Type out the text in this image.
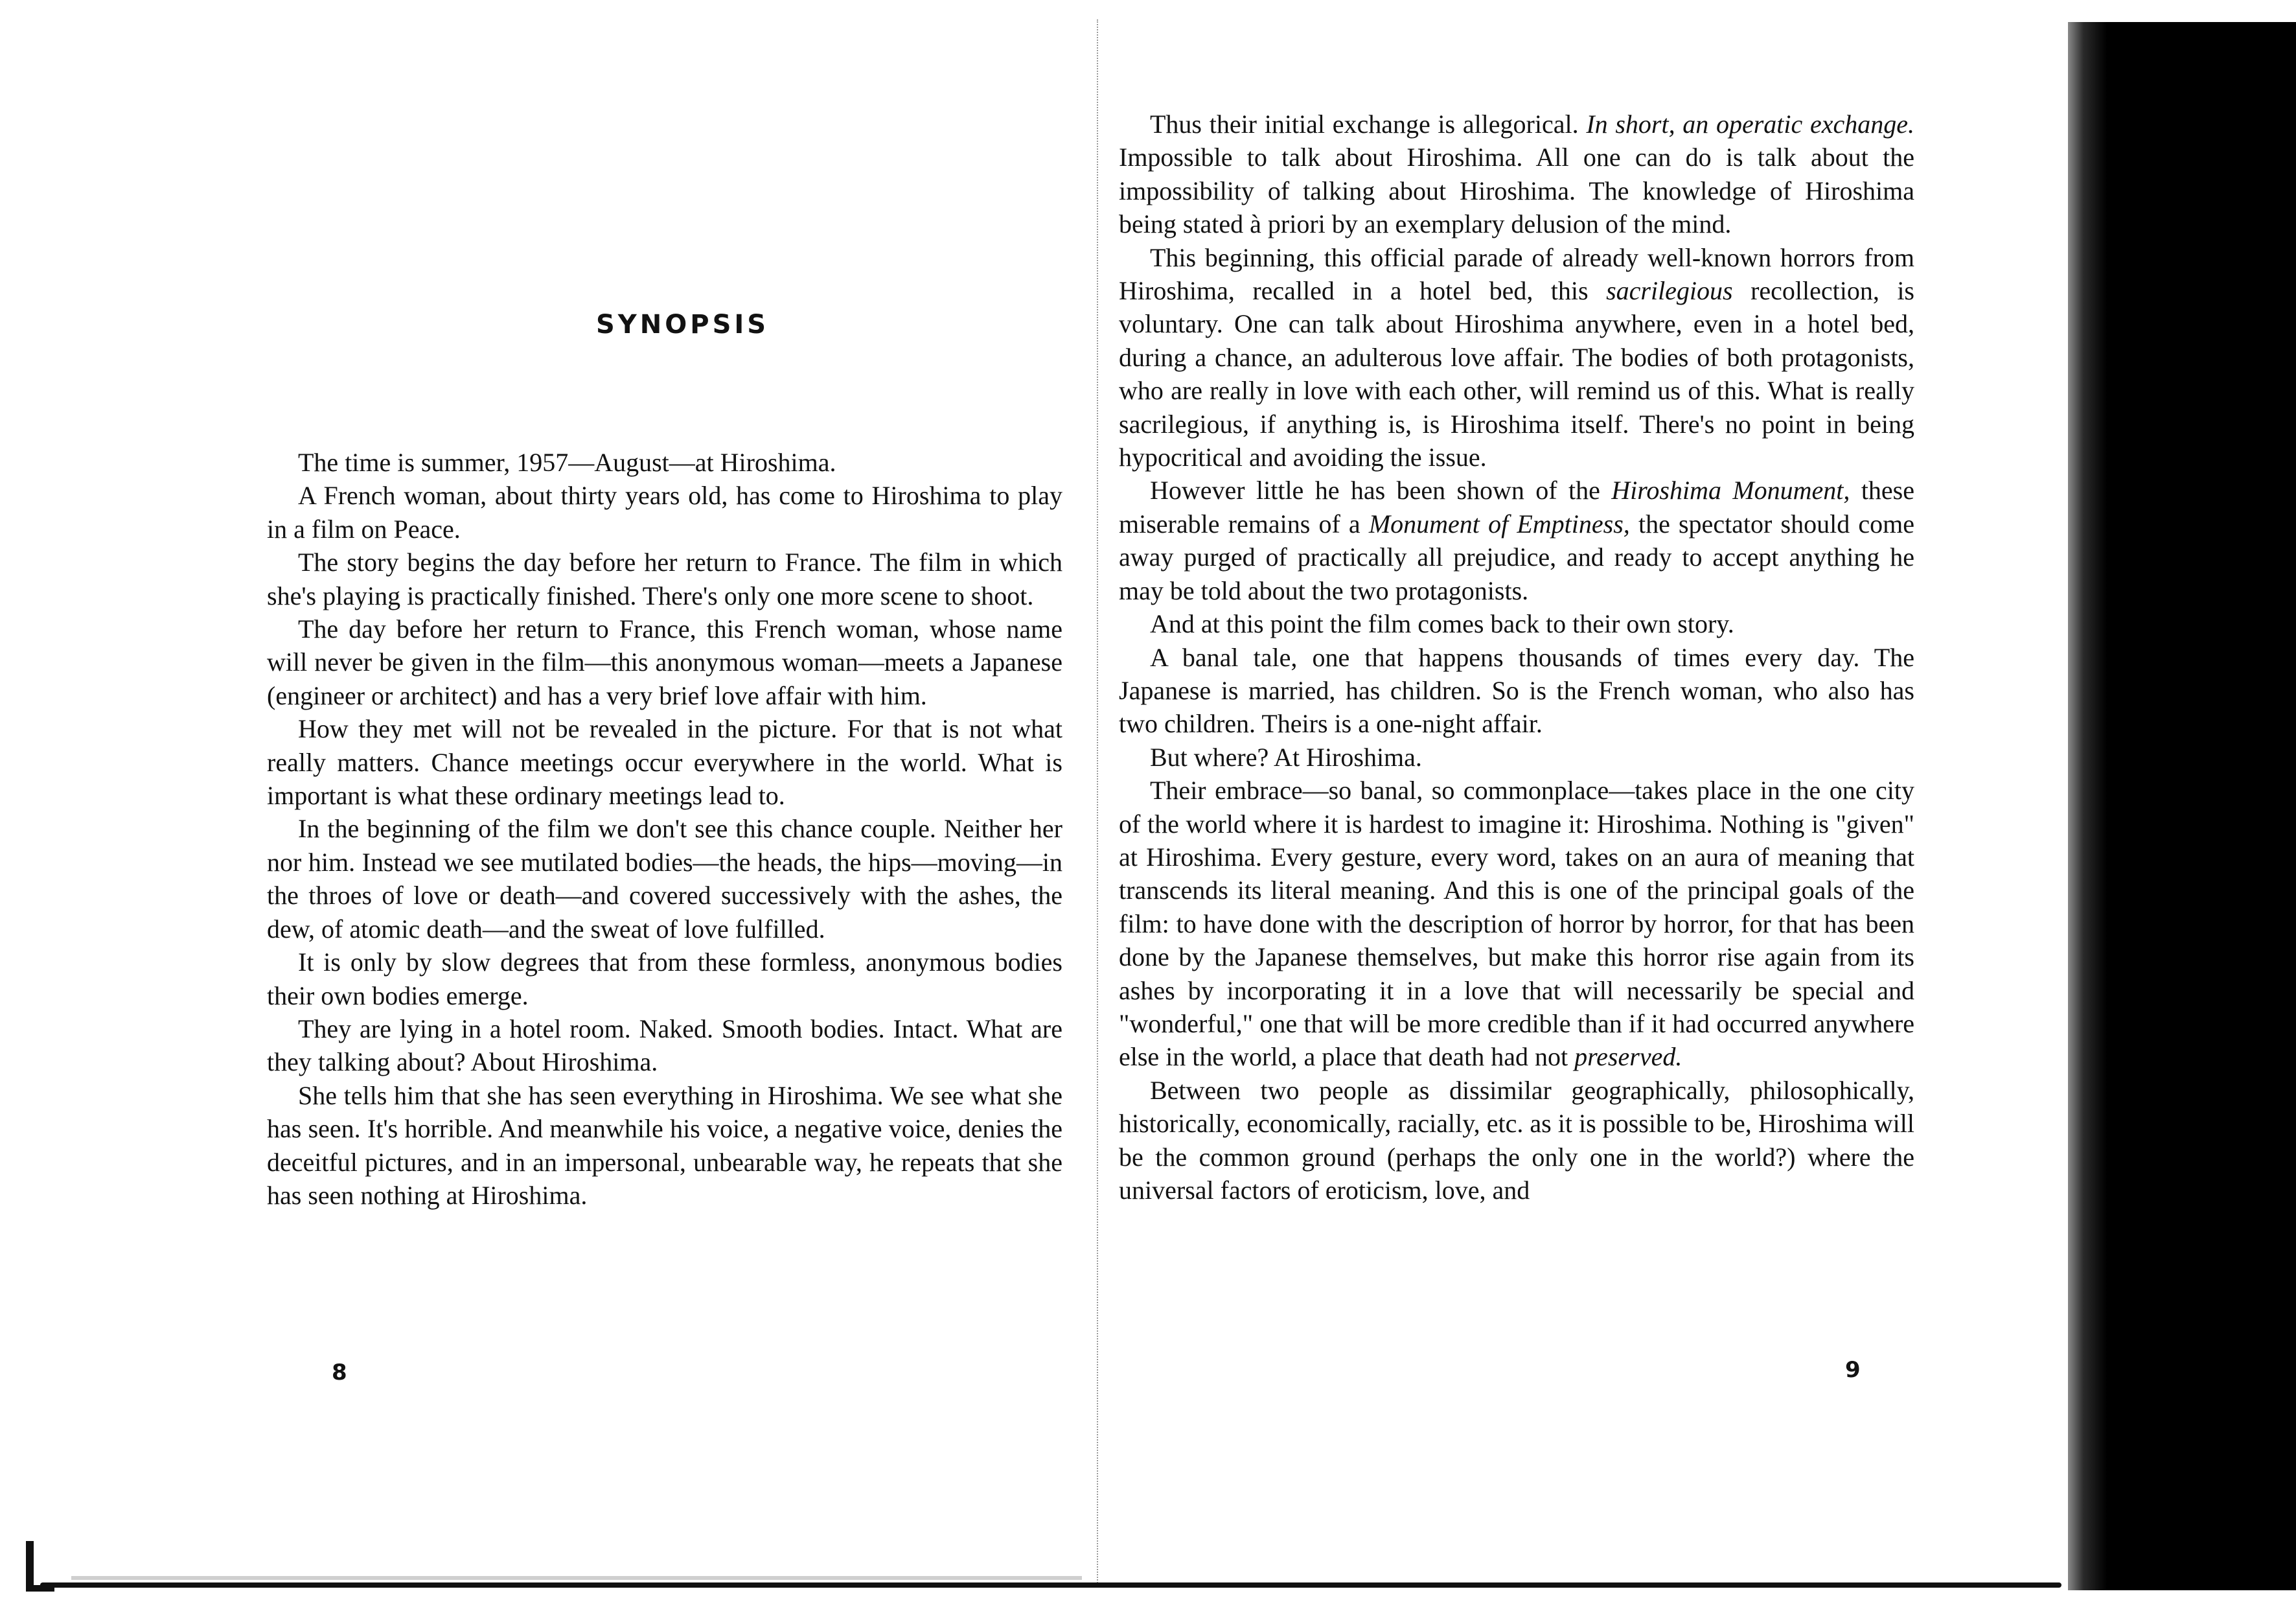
SYNOPSIS

The time is summer, 1957—August—at Hiroshima.

A French woman, about thirty years old, has come to Hiroshima to play in a film on Peace.

The story begins the day before her return to France. The film in which she's playing is practically finished. There's only one more scene to shoot.

The day before her return to France, this French woman, whose name will never be given in the film—this anonymous woman—meets a Japanese (engineer or architect) and has a very brief love affair with him.

How they met will not be revealed in the picture. For that is not what really matters. Chance meetings occur everywhere in the world. What is important is what these ordinary meetings lead to.

In the beginning of the film we don't see this chance couple. Neither her nor him. Instead we see mutilated bodies—the heads, the hips—moving—in the throes of love or death—and covered successively with the ashes, the dew, of atomic death—and the sweat of love fulfilled.

It is only by slow degrees that from these formless, anonymous bodies their own bodies emerge.

They are lying in a hotel room. Naked. Smooth bodies. Intact. What are they talking about? About Hiroshima.

She tells him that she has seen everything in Hiroshima. We see what she has seen. It's horrible. And meanwhile his voice, a negative voice, denies the deceitful pictures, and in an impersonal, unbearable way, he repeats that she has seen nothing at Hiroshima.

8

Thus their initial exchange is allegorical. In short, an operatic exchange. Impossible to talk about Hiroshima. All one can do is talk about the impossibility of talking about Hiroshima. The knowledge of Hiroshima being stated à priori by an exemplary delusion of the mind.

This beginning, this official parade of already well-known horrors from Hiroshima, recalled in a hotel bed, this sacrilegious recollection, is voluntary. One can talk about Hiroshima anywhere, even in a hotel bed, during a chance, an adulterous love affair. The bodies of both protagonists, who are really in love with each other, will remind us of this. What is really sacrilegious, if anything is, is Hiroshima itself. There's no point in being hypocritical and avoiding the issue.

However little he has been shown of the Hiroshima Monument, these miserable remains of a Monument of Emptiness, the spectator should come away purged of practically all prejudice, and ready to accept anything he may be told about the two protagonists.

And at this point the film comes back to their own story.

A banal tale, one that happens thousands of times every day. The Japanese is married, has children. So is the French woman, who also has two children. Theirs is a one-night affair.

But where? At Hiroshima.

Their embrace—so banal, so commonplace—takes place in the one city of the world where it is hardest to imagine it: Hiroshima. Nothing is "given" at Hiroshima. Every gesture, every word, takes on an aura of meaning that transcends its literal meaning. And this is one of the principal goals of the film: to have done with the description of horror by horror, for that has been done by the Japanese themselves, but make this horror rise again from its ashes by incorporating it in a love that will necessarily be special and "wonderful," one that will be more credible than if it had occurred anywhere else in the world, a place that death had not preserved.

Between two people as dissimilar geographically, philosophically, historically, economically, racially, etc. as it is possible to be, Hiroshima will be the common ground (perhaps the only one in the world?) where the universal factors of eroticism, love, and

9
